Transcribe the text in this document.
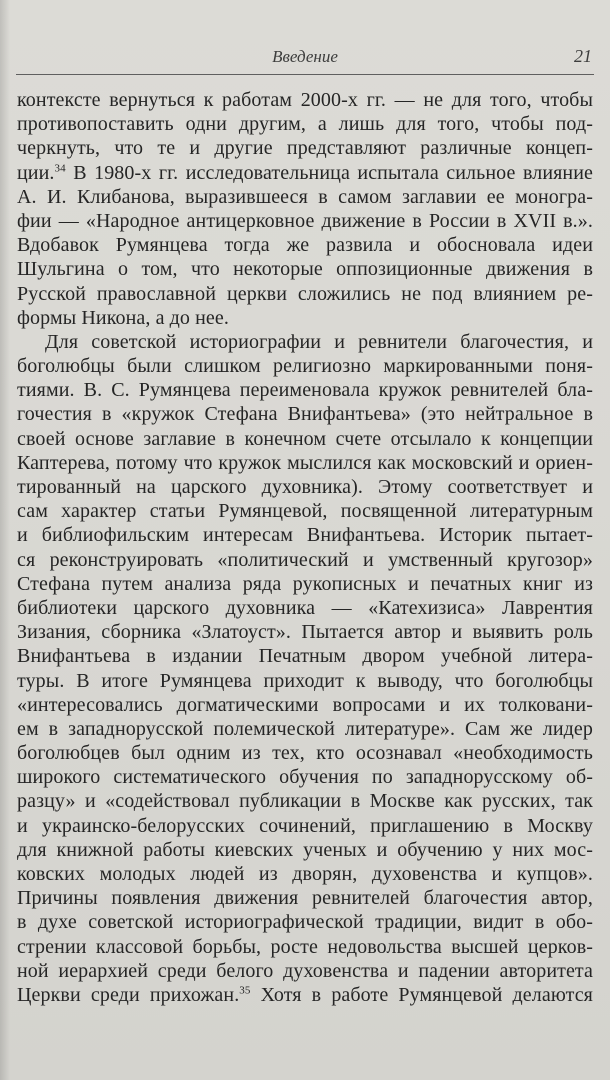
Введение	21
контексте вернуться к работам 2000-х гг. — не для того, чтобы
противопоставить одни другим, а лишь для того, чтобы под-
черкнуть, что те и другие представляют различные концеп-
ции.$^{34}$ В 1980-х гг. исследовательница испытала сильное влияние
А. И. Клибанова, выразившееся в самом заглавии ее моногра-
фии — «Народное антицерковное движение в России в XVII в.».
Вдобавок Румянцева тогда же развила и обосновала идеи
Шульгина о том, что некоторые оппозиционные движения в
Русской православной церкви сложились не под влиянием ре-
формы Никона, а до нее.
Для советской историографии и ревнители благочестия, и
боголюбцы были слишком религиозно маркированными поня-
тиями. В. С. Румянцева переименовала кружок ревнителей бла-
гочестия в «кружок Стефана Внифантьева» (это нейтральное в
своей основе заглавие в конечном счете отсылало к концепции
Каптерева, потому что кружок мыслился как московский и ориен-
тированный на царского духовника). Этому соответствует и
сам характер статьи Румянцевой, посвященной литературным
и библиофильским интересам Внифантьева. Историк пытает-
ся реконструировать «политический и умственный кругозор»
Стефана путем анализа ряда рукописных и печатных книг из
библиотеки царского духовника — «Катехизиса» Лаврентия
Зизания, сборника «Златоуст». Пытается автор и выявить роль
Внифантьева в издании Печатным двором учебной литера-
туры. В итоге Румянцева приходит к выводу, что боголюбцы
«интересовались догматическими вопросами и их толковани-
ем в западнорусской полемической литературе». Сам же лидер
боголюбцев был одним из тех, кто осознавал «необходимость
широкого систематического обучения по западнорусскому об-
разцу» и «содействовал публикации в Москве как русских, так
и украинско-белорусских сочинений, приглашению в Москву
для книжной работы киевских ученых и обучению у них мос-
ковских молодых людей из дворян, духовенства и купцов».
Причины появления движения ревнителей благочестия автор,
в духе советской историографической традиции, видит в обо-
стрении классовой борьбы, росте недовольства высшей церков-
ной иерархией среди белого духовенства и падении авторитета
Церкви среди прихожан.$^{35}$ Хотя в работе Румянцевой делаются
